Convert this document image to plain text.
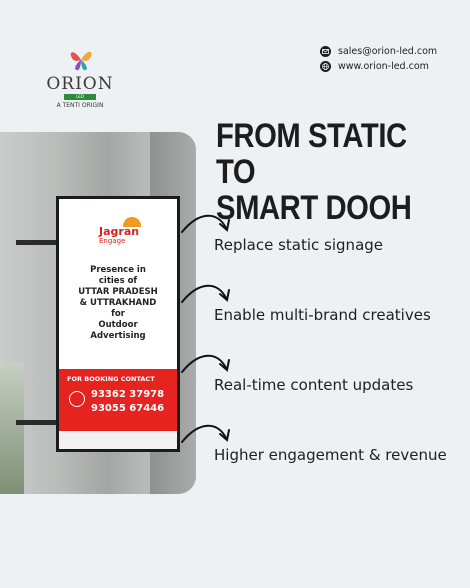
ORION
LED
A TENTI ORIGIN
sales@orion-led.com
www.orion-led.com
Jagran
Engage
Presence in
cities of
UTTAR PRADESH
& UTTRAKHAND
for
Outdoor
Advertising
FOR BOOKING CONTACT
93362 37978
93055 67446
FROM STATIC TO
SMART DOOH
Replace static signage
Enable multi-brand creatives
Real-time content updates
Higher engagement & revenue
